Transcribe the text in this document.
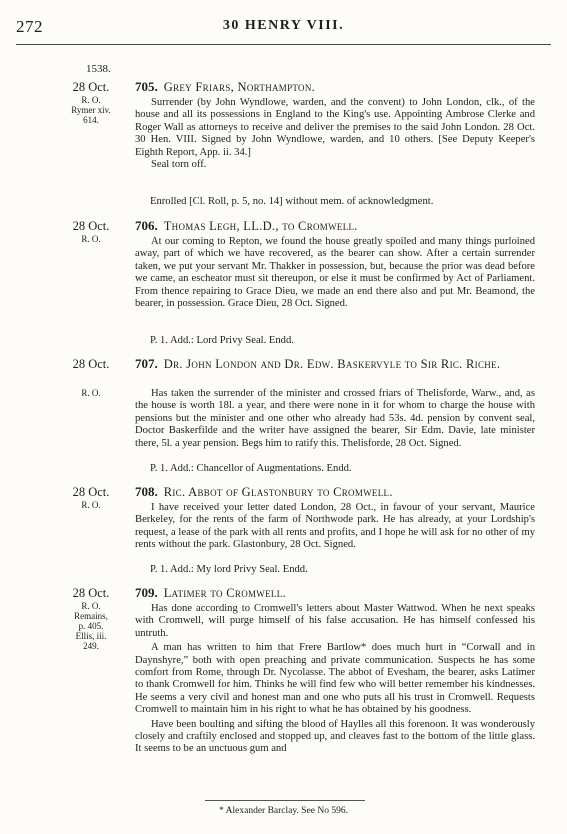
272	30 HENRY VIII.
1538.
28 Oct.
R. O.
Rymer xiv.
614.
705. Grey Friars, Northampton.

Surrender (by John Wyndlowe, warden, and the convent) to John London, clk., of the house and all its possessions in England to the King's use. Appointing Ambrose Clerke and Roger Wall as attorneys to receive and deliver the premises to the said John London. 28 Oct. 30 Hen. VIII. Signed by John Wyndlowe, warden, and 10 others. [See Deputy Keeper's Eighth Report, App. ii. 34.]

Seal torn off.

Enrolled [Cl. Roll, p. 5, no. 14] without mem. of acknowledgment.
28 Oct.
R. O.
706. Thomas Legh, LL.D., to Cromwell.

At our coming to Repton, we found the house greatly spoiled and many things purloined away, part of which we have recovered, as the bearer can show. After a certain surrender taken, we put your servant Mr. Thakker in possession, but, because the prior was dead before we came, an escheator must sit thereupon, or else it must be confirmed by Act of Parliament. From thence repairing to Grace Dieu, we made an end there also and put Mr. Beamond, the bearer, in possession. Grace Dieu, 28 Oct. Signed.

P. 1. Add.: Lord Privy Seal. Endd.
28 Oct.
R. O.
707. Dr. John London and Dr. Edw. Baskervyle to Sir Ric. Riche.

Has taken the surrender of the minister and crossed friars of Thelisforde, Warw., and, as the house is worth 18l. a year, and there were none in it for whom to charge the house with pensions but the minister and one other who already had 53s. 4d. pension by convent seal, Doctor Baskerfilde and the writer have assigned the bearer, Sir Edm. Davie, late minister there, 5l. a year pension. Begs him to ratify this. Thelisforde, 28 Oct. Signed.

P. 1. Add.: Chancellor of Augmentations. Endd.
28 Oct.
R. O.
708. Ric. Abbot of Glastonbury to Cromwell.

I have received your letter dated London, 28 Oct., in favour of your servant, Maurice Berkeley, for the rents of the farm of Northwode park. He has already, at your Lordship's request, a lease of the park with all rents and profits, and I hope he will ask for no other of my rents without the park. Glastonbury, 28 Oct. Signed.

P. 1. Add.: My lord Privy Seal. Endd.
28 Oct.
R. O.
Remains,
p. 405.
Ellis, iii.
249.
709. Latimer to Cromwell.

Has done according to Cromwell's letters about Master Wattwod. When he next speaks with Cromwell, will purge himself of his false accusation. He has himself confessed his untruth.

A man has written to him that Frere Bartlow* does much hurt in “Corwall and in Daynshyre,” both with open preaching and private communication. Suspects he has some comfort from Rome, through Dr. Nycolasse. The abbot of Evesham, the bearer, asks Latimer to thank Cromwell for him. Thinks he will find few who will better remember his kindnesses. He seems a very civil and honest man and one who puts all his trust in Cromwell. Requests Cromwell to maintain him in his right to what he has obtained by his goodness.

Have been boulting and sifting the blood of Haylles all this forenoon. It was wonderously closely and craftily enclosed and stopped up, and cleaves fast to the bottom of the little glass. It seems to be an unctuous gum and

* Alexander Barclay. See No 596.
